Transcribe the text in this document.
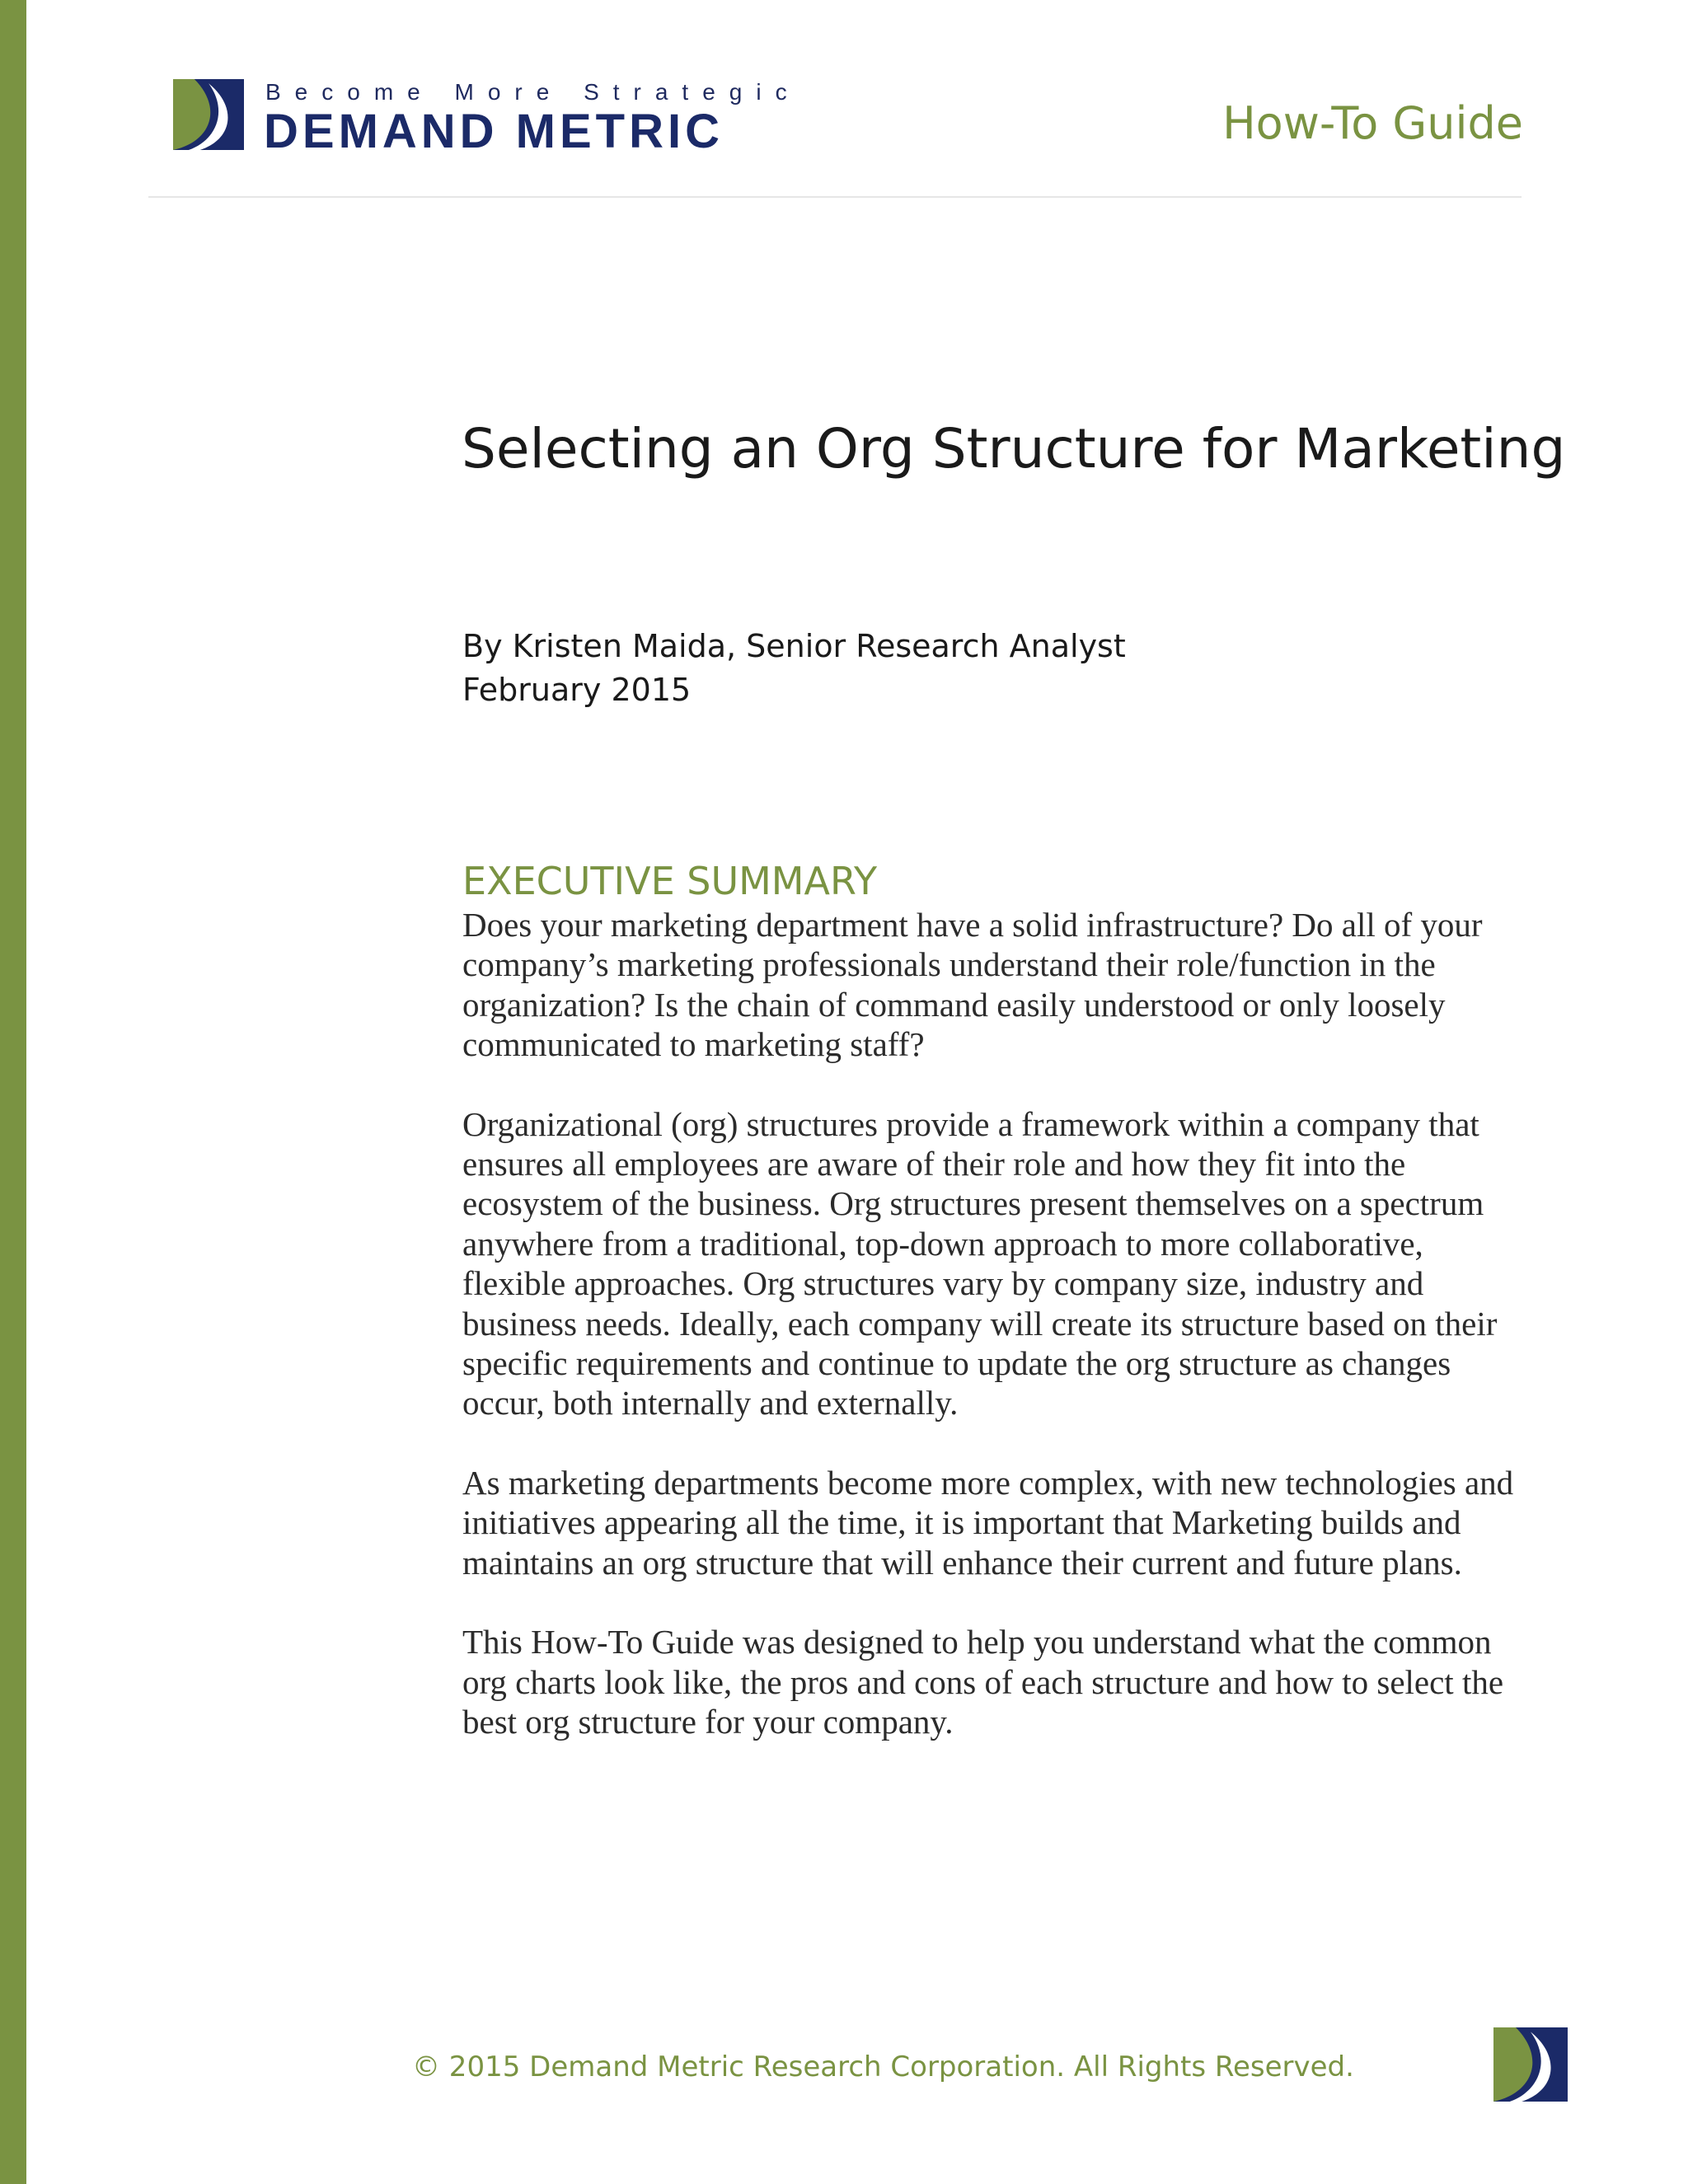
Become More Strategic
DEMAND METRIC	How-To Guide
Selecting an Org Structure for Marketing
By Kristen Maida, Senior Research Analyst
February 2015
EXECUTIVE SUMMARY

Does your marketing department have a solid infrastructure? Do all of your company’s marketing professionals understand their role/function in the organization? Is the chain of command easily understood or only loosely communicated to marketing staff?

Organizational (org) structures provide a framework within a company that ensures all employees are aware of their role and how they fit into the ecosystem of the business. Org structures present themselves on a spectrum anywhere from a traditional, top-down approach to more collaborative, flexible approaches. Org structures vary by company size, industry and business needs. Ideally, each company will create its structure based on their specific requirements and continue to update the org structure as changes occur, both internally and externally.

As marketing departments become more complex, with new technologies and initiatives appearing all the time, it is important that Marketing builds and maintains an org structure that will enhance their current and future plans.

This How-To Guide was designed to help you understand what the common org charts look like, the pros and cons of each structure and how to select the best org structure for your company.

© 2015 Demand Metric Research Corporation. All Rights Reserved.
